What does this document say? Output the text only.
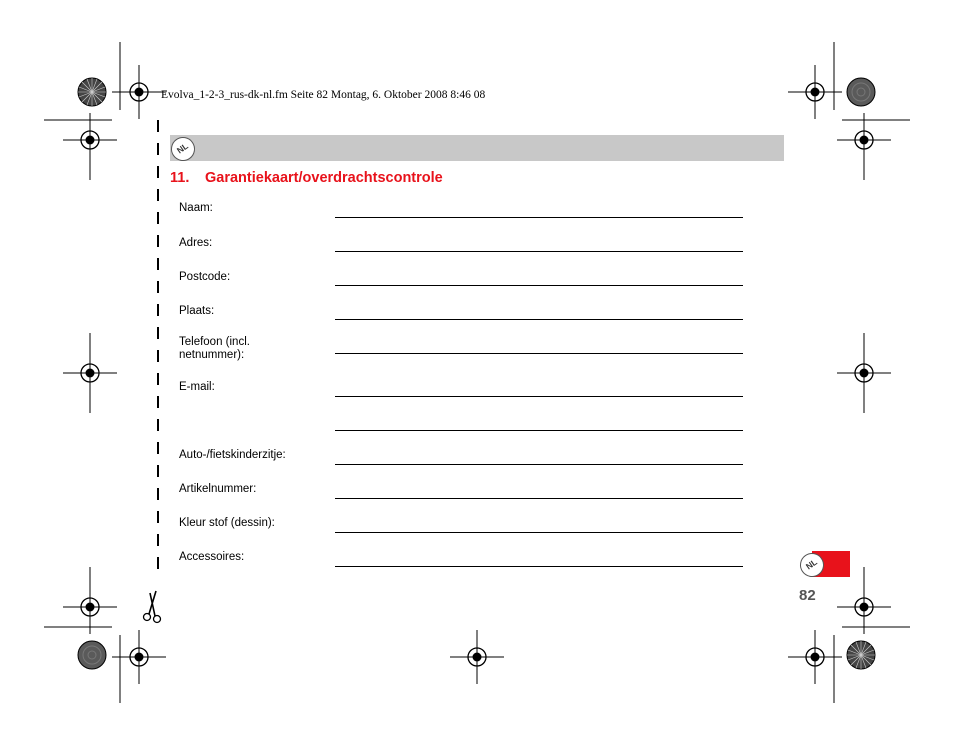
Evolva_1-2-3_rus-dk-nl.fm Seite 82 Montag, 6. Oktober 2008 8:46 08
NL
11. Garantiekaart/overdrachtscontrole
Naam:
Adres:
Postcode:
Plaats:
Telefoon (incl. netnummer):
E-mail:
Auto-/fietskinderzitje:
Artikelnummer:
Kleur stof (dessin):
Accessoires:	NL
82
